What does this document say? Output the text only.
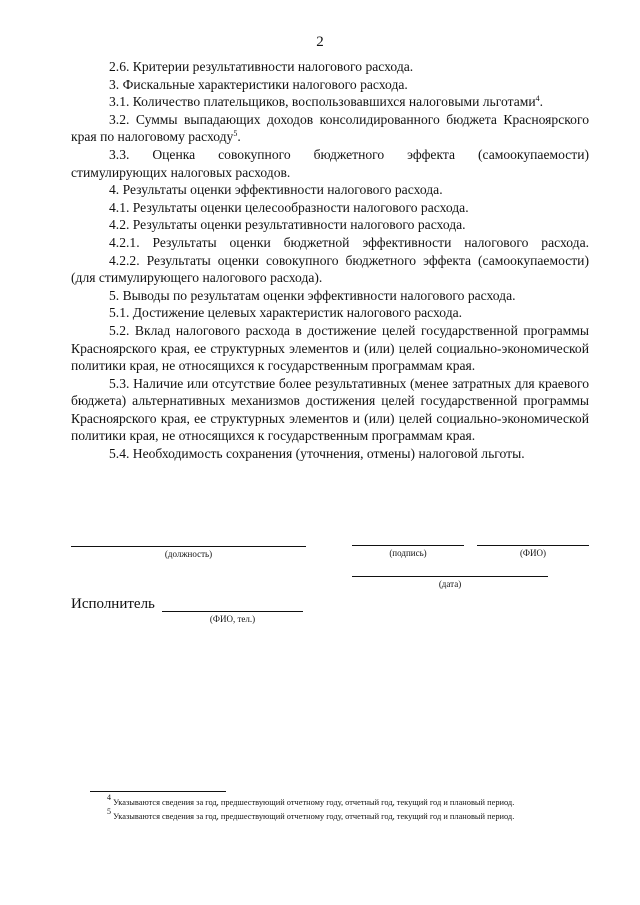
2

2.6. Критерии результативности налогового расхода.

3. Фискальные характеристики налогового расхода.

3.1. Количество плательщиков, воспользовавшихся налоговыми льготами$^4$.

3.2. Суммы выпадающих доходов консолидированного бюджета Красноярского края по налоговому расходу$^5$.

3.3. Оценка совокупного бюджетного эффекта (самоокупаемости) стимулирующих налоговых расходов.

4. Результаты оценки эффективности налогового расхода.

4.1. Результаты оценки целесообразности налогового расхода.

4.2. Результаты оценки результативности налогового расхода.

4.2.1. Результаты оценки бюджетной эффективности налогового расхода.

4.2.2. Результаты оценки совокупного бюджетного эффекта (самоокупаемости) (для стимулирующего налогового расхода).

5. Выводы по результатам оценки эффективности налогового расхода.

5.1. Достижение целевых характеристик налогового расхода.

5.2. Вклад налогового расхода в достижение целей государственной программы Красноярского края, ее структурных элементов и (или) целей социально-экономической политики края, не относящихся к государственным программам края.

5.3. Наличие или отсутствие более результативных (менее затратных для краевого бюджета) альтернативных механизмов достижения целей государственной программы Красноярского края, ее структурных элементов и (или) целей социально-экономической политики края, не относящихся к государственным программам края.

5.4. Необходимость сохранения (уточнения, отмены) налоговой льготы.

(должность)	(подпись)	(ФИО)
(дата)
Исполнитель
(ФИО, тел.)

$^4$ Указываются сведения за год, предшествующий отчетному году, отчетный год, текущий год и плановый период.

$^5$ Указываются сведения за год, предшествующий отчетному году, отчетный год, текущий год и плановый период.
